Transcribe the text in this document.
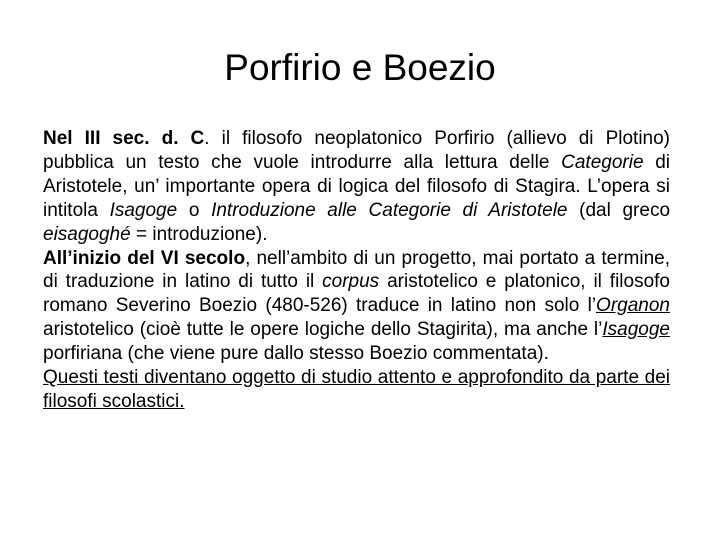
Porfirio e Boezio

Nel III sec. d. C. il filosofo neoplatonico Porfirio (allievo di Plotino) pubblica un testo che vuole introdurre alla lettura delle Categorie di Aristotele, un’ importante opera di logica del filosofo di Stagira. L’opera si intitola Isagoge o Introduzione alle Categorie di Aristotele (dal greco eisagoghé = introduzione).

All’inizio del VI secolo, nell’ambito di un progetto, mai portato a termine, di traduzione in latino di tutto il corpus aristotelico e platonico, il filosofo romano Severino Boezio (480-526) traduce in latino non solo l’Organon aristotelico (cioè tutte le opere logiche dello Stagirita), ma anche l’Isagoge porfiriana (che viene pure dallo stesso Boezio commentata).

Questi testi diventano oggetto di studio attento e approfondito da parte dei filosofi scolastici.
